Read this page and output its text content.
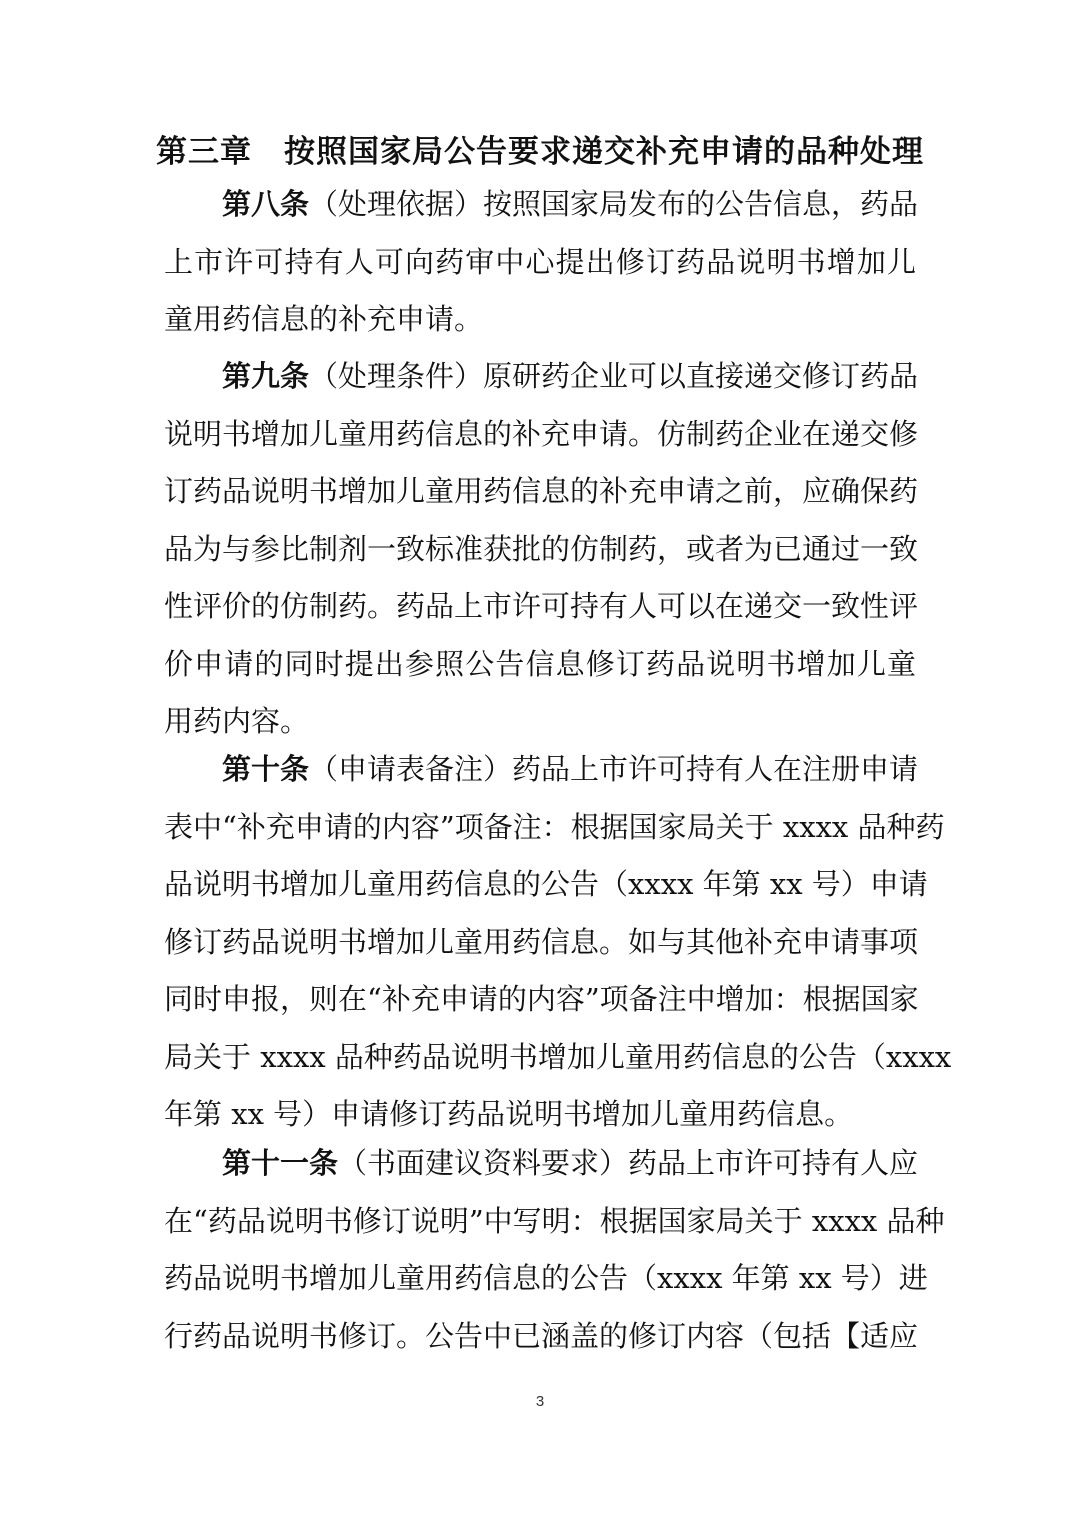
第三章　按照国家局公告要求递交补充申请的品种处理
第八条（处理依据）按照国家局发布的公告信息，药品
上市许可持有人可向药审中心提出修订药品说明书增加儿
童用药信息的补充申请。
第九条（处理条件）原研药企业可以直接递交修订药品
说明书增加儿童用药信息的补充申请。仿制药企业在递交修
订药品说明书增加儿童用药信息的补充申请之前，应确保药
品为与参比制剂一致标准获批的仿制药，或者为已通过一致
性评价的仿制药。药品上市许可持有人可以在递交一致性评
价申请的同时提出参照公告信息修订药品说明书增加儿童
用药内容。
第十条（申请表备注）药品上市许可持有人在注册申请
表中“补充申请的内容”项备注：根据国家局关于 xxxx 品种药
品说明书增加儿童用药信息的公告（xxxx 年第 xx 号）申请
修订药品说明书增加儿童用药信息。如与其他补充申请事项
同时申报，则在“补充申请的内容”项备注中增加：根据国家
局关于 xxxx 品种药品说明书增加儿童用药信息的公告（xxxx
年第 xx 号）申请修订药品说明书增加儿童用药信息。
第十一条（书面建议资料要求）药品上市许可持有人应
在“药品说明书修订说明”中写明：根据国家局关于 xxxx 品种
药品说明书增加儿童用药信息的公告（xxxx 年第 xx 号）进
行药品说明书修订。公告中已涵盖的修订内容（包括【适应
3
